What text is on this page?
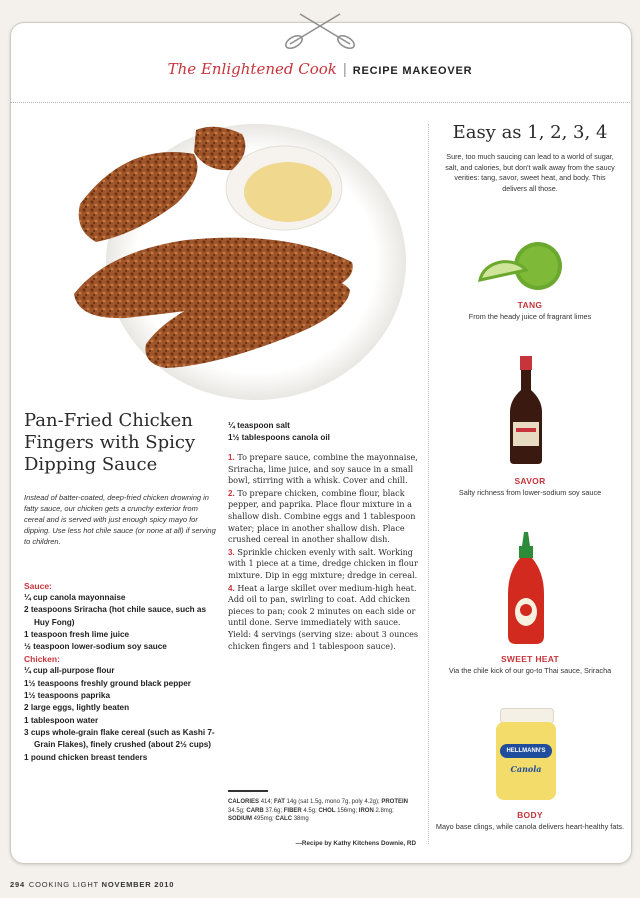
The Enlightened Cook | RECIPE MAKEOVER
Pan-Fried Chicken Fingers with Spicy Dipping Sauce

Instead of batter-coated, deep-fried chicken drowning in fatty sauce, our chicken gets a crunchy exterior from cereal and is served with just enough spicy mayo for dipping. Use less hot chile sauce (or none at all) if serving to children.

Sauce:
¼ cup canola mayonnaise
2 teaspoons Sriracha (hot chile sauce, such as Huy Fong)
1 teaspoon fresh lime juice
½ teaspoon lower-sodium soy sauce
Chicken:
¼ cup all-purpose flour
1½ teaspoons freshly ground black pepper
1½ teaspoons paprika
2 large eggs, lightly beaten
1 tablespoon water
3 cups whole-grain flake cereal (such as Kashi 7-Grain Flakes), finely crushed (about 2½ cups)
1 pound chicken breast tenders
¼ teaspoon salt
1½ tablespoons canola oil

1. To prepare sauce, combine the mayonnaise, Sriracha, lime juice, and soy sauce in a small bowl, stirring with a whisk. Cover and chill.

2. To prepare chicken, combine flour, black pepper, and paprika. Place flour mixture in a shallow dish. Combine eggs and 1 tablespoon water; place in another shallow dish. Place crushed cereal in another shallow dish.

3. Sprinkle chicken evenly with salt. Working with 1 piece at a time, dredge chicken in flour mixture. Dip in egg mixture; dredge in cereal.

4. Heat a large skillet over medium-high heat. Add oil to pan, swirling to coat. Add chicken pieces to pan; cook 2 minutes on each side or until done. Serve immediately with sauce. Yield: 4 servings (serving size: about 3 ounces chicken fingers and 1 tablespoon sauce).

CALORIES 414; FAT 14g (sat 1.5g, mono 7g, poly 4.2g); PROTEIN 34.5g; CARB 37.6g; FIBER 4.5g; CHOL 156mg; IRON 2.8mg; SODIUM 495mg; CALC 38mg
—Recipe by Kathy Kitchens Downie, RD
Easy as 1, 2, 3, 4

Sure, too much saucing can lead to a world of sugar, salt, and calories, but don't walk away from the saucy verities: tang, savor, sweet heat, and body. This delivers all those.

TANG
From the heady juice of fragrant limes
SAVOR
Salty richness from lower-sodium soy sauce
SWEET HEAT
Via the chile kick of our go-to Thai sauce, Sriracha
HELLMANN'S
Canola
BODY
Mayo base clings, while canola delivers heart-healthy fats.
294 COOKING LIGHT NOVEMBER 2010
